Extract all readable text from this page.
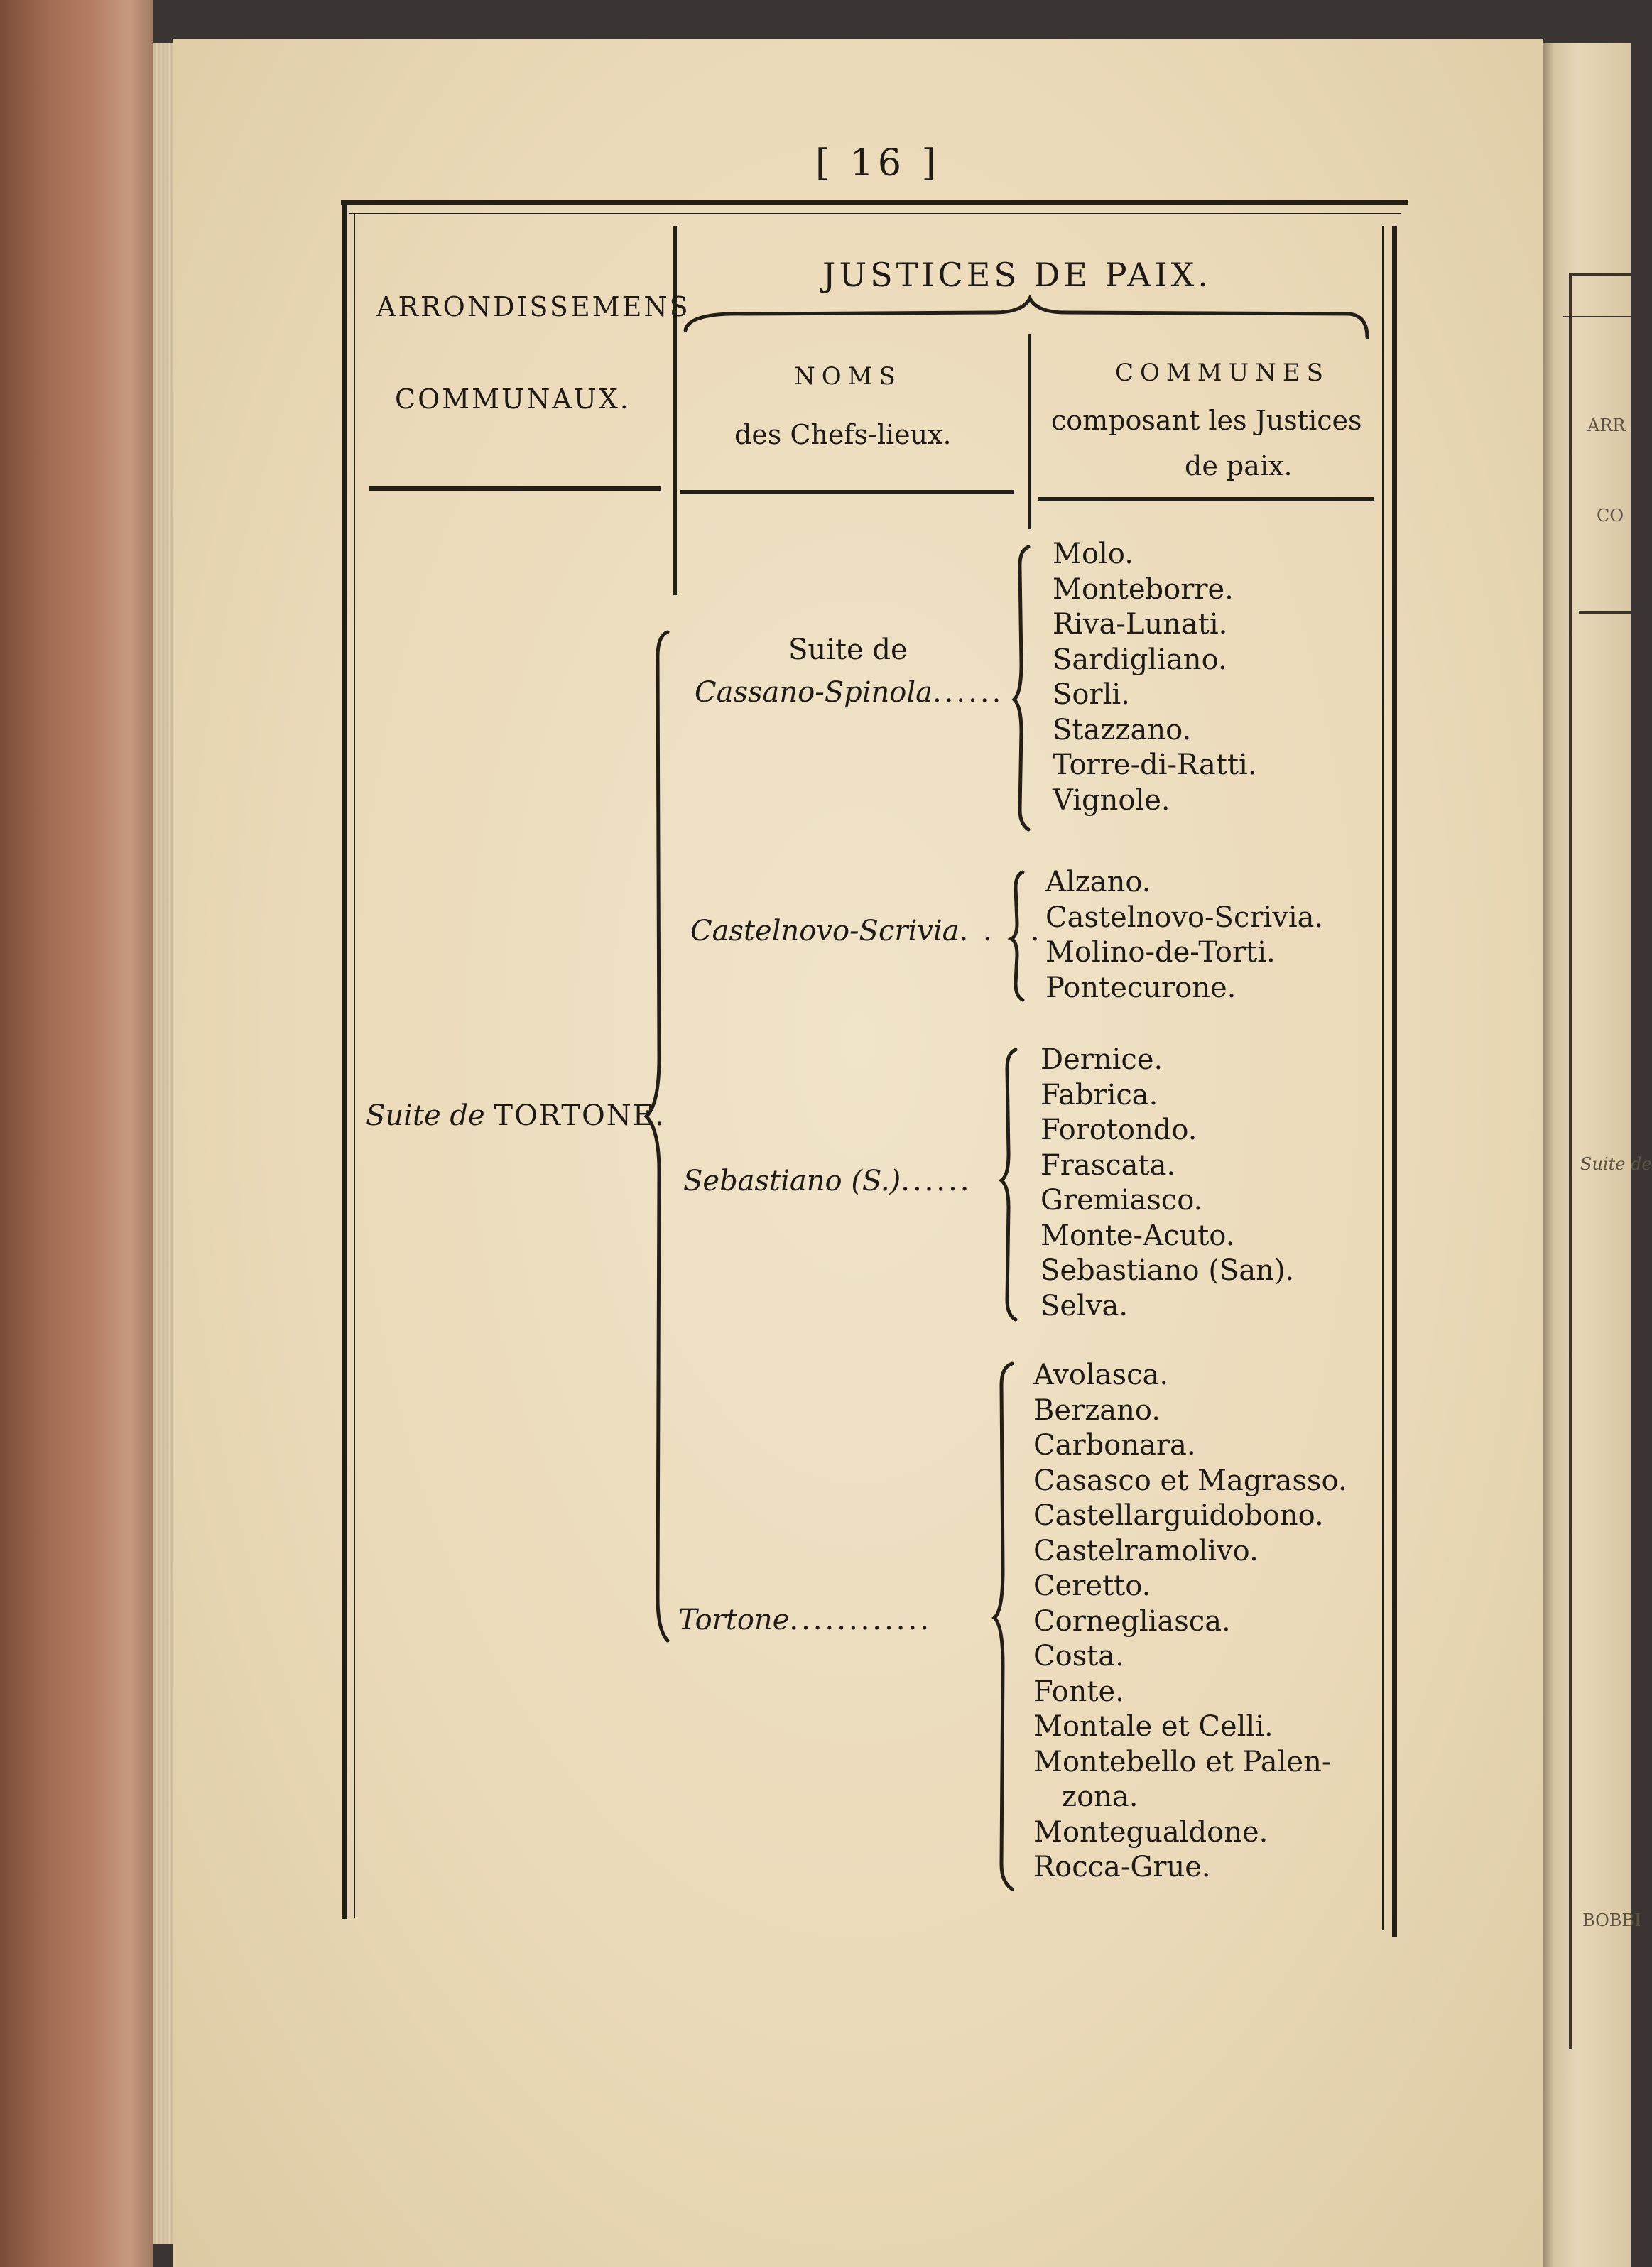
ARR
CO
Suite de
BOBBI
[ 16 ]
ARRONDISSEMENS
COMMUNAUX.
JUSTICES DE PAIX.
NOMS
des Chefs-lieux.
COMMUNES
composant les Justices
de paix.
Suite de TORTONE.
Suite de
Cassano-Spinola......
Molo.
Monteborre.
Riva-Lunati.
Sardigliano.
Sorli.
Stazzano.
Torre-di-Ratti.
Vignole.
Castelnovo-Scrivia. . . .
Alzano.
Castelnovo-Scrivia.
Molino-de-Torti.
Pontecurone.
Sebastiano (S.)......
Dernice.
Fabrica.
Forotondo.
Frascata.
Gremiasco.
Monte-Acuto.
Sebastiano (San).
Selva.
Tortone............
Avolasca.
Berzano.
Carbonara.
Casasco et Magrasso.
Castellarguidobono.
Castelramolivo.
Ceretto.
Cornegliasca.
Costa.
Fonte.
Montale et Celli.
Montebello et Palen-
zona.
Montegualdone.
Rocca-Grue.
